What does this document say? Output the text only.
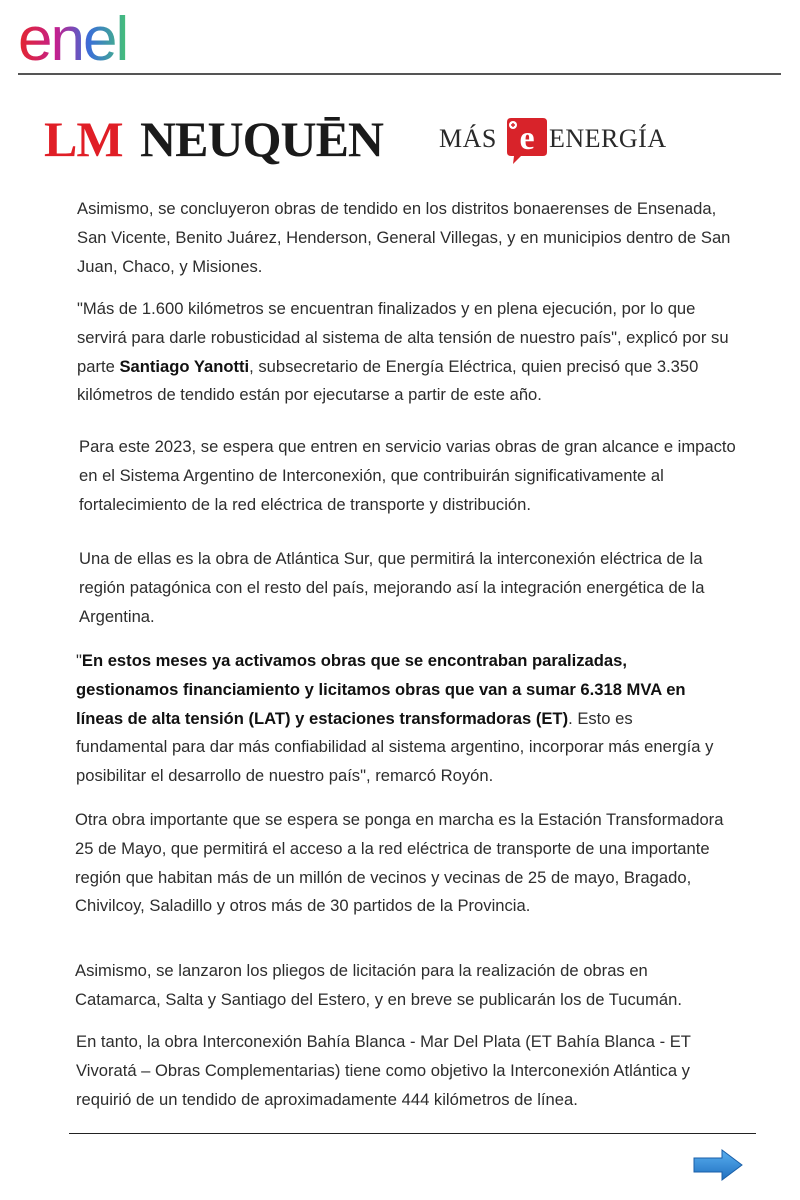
enel
LM NEUQUĒN MÁS e ENERGÍA

Asimismo, se concluyeron obras de tendido en los distritos bonaerenses de Ensenada, San Vicente, Benito Juárez, Henderson, General Villegas, y en municipios dentro de San Juan, Chaco, y Misiones.

"Más de 1.600 kilómetros se encuentran finalizados y en plena ejecución, por lo que servirá para darle robusticidad al sistema de alta tensión de nuestro país", explicó por su parte Santiago Yanotti, subsecretario de Energía Eléctrica, quien precisó que 3.350 kilómetros de tendido están por ejecutarse a partir de este año.

Para este 2023, se espera que entren en servicio varias obras de gran alcance e impacto en el Sistema Argentino de Interconexión, que contribuirán significativamente al fortalecimiento de la red eléctrica de transporte y distribución.

Una de ellas es la obra de Atlántica Sur, que permitirá la interconexión eléctrica de la región patagónica con el resto del país, mejorando así la integración energética de la Argentina.

"En estos meses ya activamos obras que se encontraban paralizadas, gestionamos financiamiento y licitamos obras que van a sumar 6.318 MVA en líneas de alta tensión (LAT) y estaciones transformadoras (ET). Esto es fundamental para dar más confiabilidad al sistema argentino, incorporar más energía y posibilitar el desarrollo de nuestro país", remarcó Royón.

Otra obra importante que se espera se ponga en marcha es la Estación Transformadora 25 de Mayo, que permitirá el acceso a la red eléctrica de transporte de una importante región que habitan más de un millón de vecinos y vecinas de 25 de mayo, Bragado, Chivilcoy, Saladillo y otros más de 30 partidos de la Provincia.

Asimismo, se lanzaron los pliegos de licitación para la realización de obras en Catamarca, Salta y Santiago del Estero, y en breve se publicarán los de Tucumán.

En tanto, la obra Interconexión Bahía Blanca - Mar Del Plata (ET Bahía Blanca - ET Vivoratá – Obras Complementarias) tiene como objetivo la Interconexión Atlántica y requirió de un tendido de aproximadamente 444 kilómetros de línea.
